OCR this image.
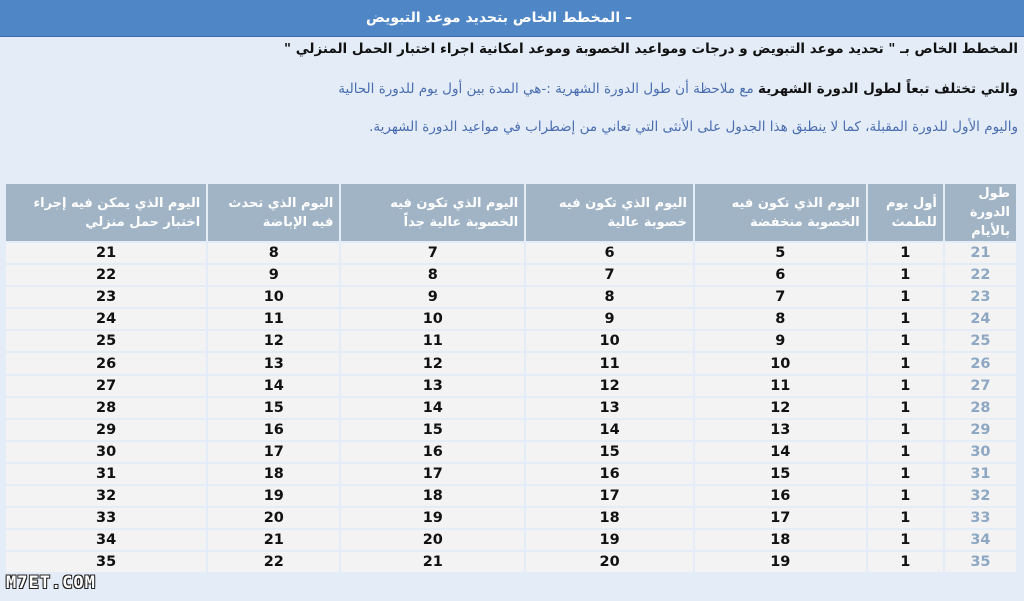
– المخطط الخاص بتحديد موعد التبويض

المخطط الخاص بـ " تحديد موعد التبويض و درجات ومواعيد الخصوبة وموعد امكانية اجراء اختبار الحمل المنزلي "

والتي تختلف تبعاً لطول الدورة الشهرية مع ملاحظة أن طول الدورة الشهرية :-هي المدة بين أول يوم للدورة الحالية

واليوم الأول للدورة المقبلة، كما لا ينطبق هذا الجدول على الأنثى التي تعاني من إضطراب في مواعيد الدورة الشهرية.

طول الدورة بالأيام	أول يوم للطمث	اليوم الذي تكون فيه الخصوبة منخفضة	اليوم الذي تكون فيه خصوبة عالية	اليوم الذي تكون فيه الخصوبة عالية جداً	اليوم الذي تحدث فيه الإباضة	اليوم الذي يمكن فيه إجراء اختبار حمل منزلي
21	1	5	6	7	8	21
22	1	6	7	8	9	22
23	1	7	8	9	10	23
24	1	8	9	10	11	24
25	1	9	10	11	12	25
26	1	10	11	12	13	26
27	1	11	12	13	14	27
28	1	12	13	14	15	28
29	1	13	14	15	16	29
30	1	14	15	16	17	30
31	1	15	16	17	18	31
32	1	16	17	18	19	32
33	1	17	18	19	20	33
34	1	18	19	20	21	34
35	1	19	20	21	22	35
M7ET.COM
